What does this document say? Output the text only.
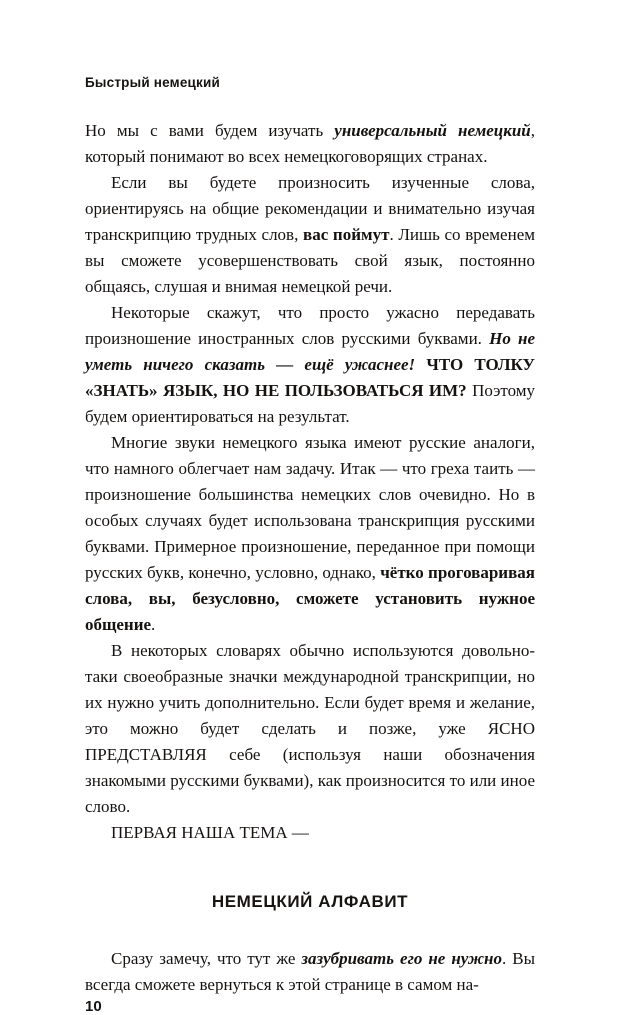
Быстрый немецкий

Но мы с вами будем изучать универсальный немецкий, который понимают во всех немецкоговорящих странах.

Если вы будете произносить изученные слова, ориентируясь на общие рекомендации и внимательно изучая транскрипцию трудных слов, вас поймут. Лишь со временем вы сможете усовершенствовать свой язык, постоянно общаясь, слушая и внимая немецкой речи.

Некоторые скажут, что просто ужасно передавать произношение иностранных слов русскими буквами. Но не уметь ничего сказать — ещё ужаснее! ЧТО ТОЛКУ «ЗНАТЬ» ЯЗЫК, НО НЕ ПОЛЬЗОВАТЬСЯ ИМ? Поэтому будем ориентироваться на результат.

Многие звуки немецкого языка имеют русские аналоги, что намного облегчает нам задачу. Итак — что греха таить — произношение большинства немецких слов очевидно. Но в особых случаях будет использована транскрипция русскими буквами. Примерное произношение, переданное при помощи русских букв, конечно, условно, однако, чётко проговаривая слова, вы, безусловно, сможете установить нужное общение.

В некоторых словарях обычно используются довольно-таки своеобразные значки международной транскрипции, но их нужно учить дополнительно. Если будет время и желание, это можно будет сделать и позже, уже ЯСНО ПРЕДСТАВЛЯЯ себе (используя наши обозначения знакомыми русскими буквами), как произносится то или иное слово.

ПЕРВАЯ НАША ТЕМА —

НЕМЕЦКИЙ АЛФАВИТ

Сразу замечу, что тут же зазубривать его не нужно. Вы всегда сможете вернуться к этой странице в самом на-

10
